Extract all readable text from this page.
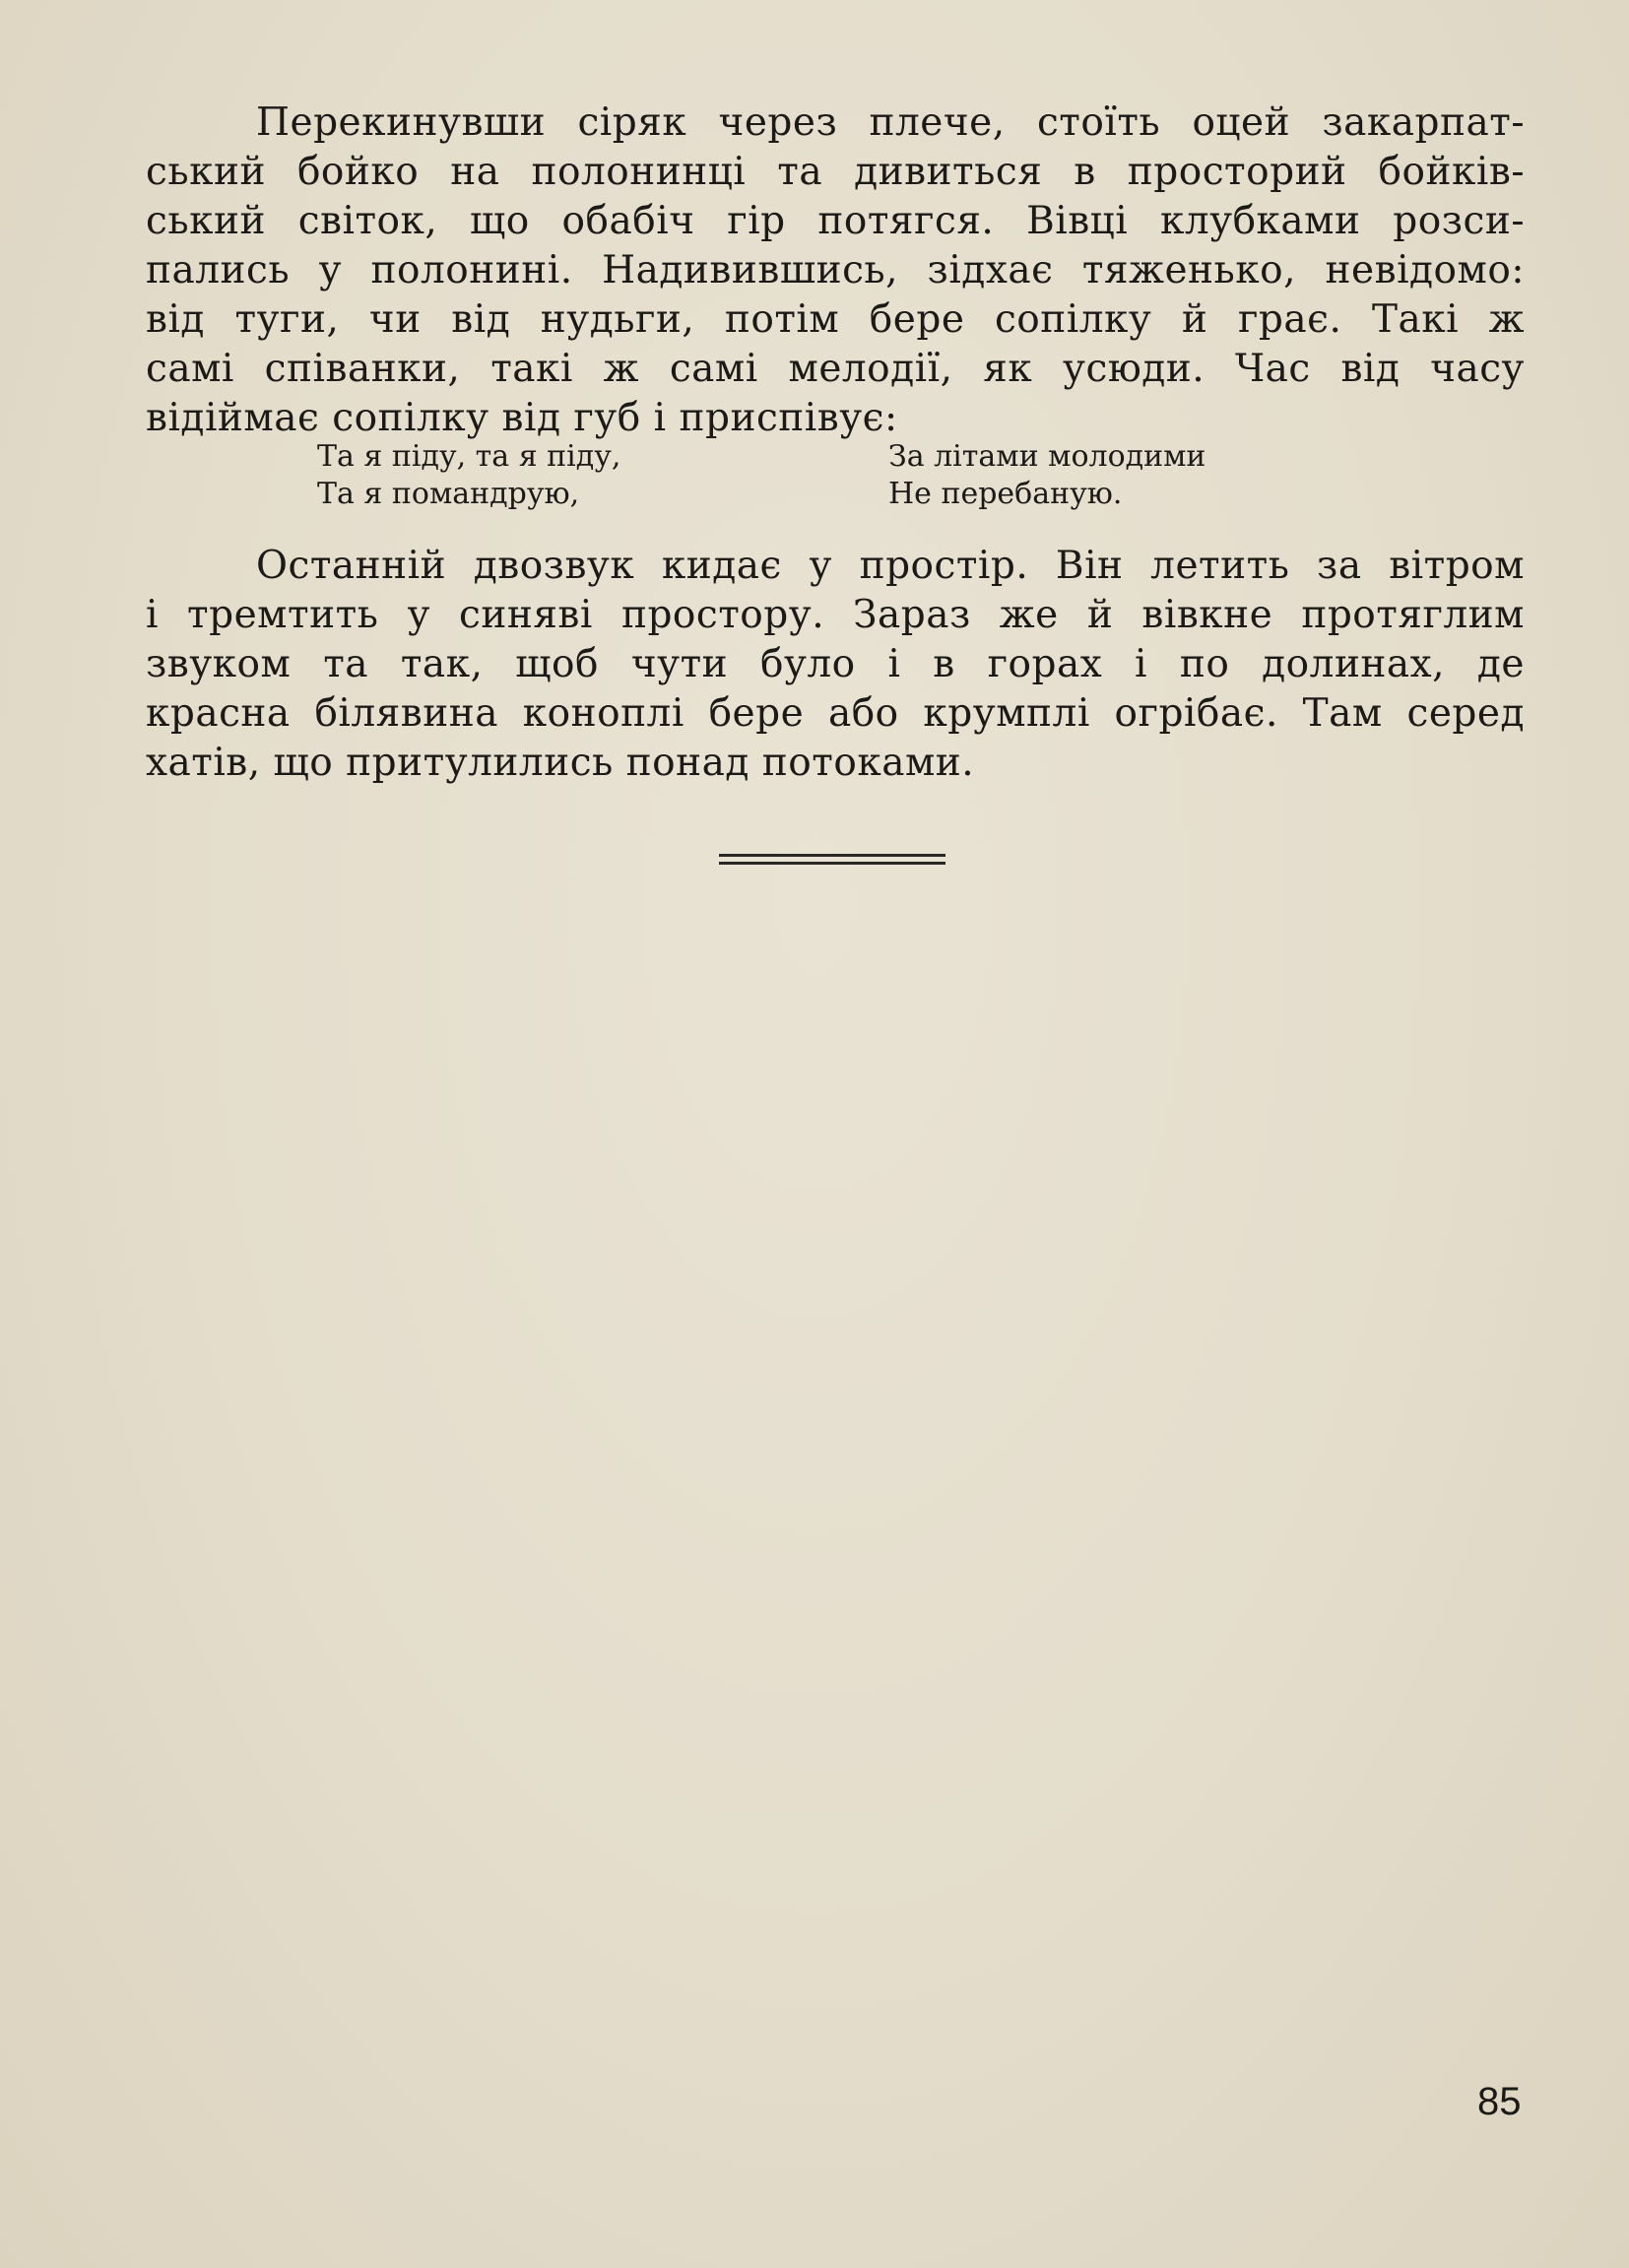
Перекинувши сіряк через плече, стоїть оцей закарпат-
ський бойко на полонинці та дивиться в просторий бойків-
ський світок, що обабіч гір потягся. Вівці клубками розси-
пались у полонині. Надивившись, зідхає тяженько, невідомо:
від туги, чи від нудьги, потім бере сопілку й грає. Такі ж
самі співанки, такі ж самі мелодії, як усюди. Час від часу
відіймає сопілку від губ і приспівує:
Та я піду, та я піду,
Та я помандрую,
За літами молодими
Не перебаную.
Останній двозвук кидає у простір. Він летить за вітром
і тремтить у синяві простору. Зараз же й вівкне протяглим
звуком та так, щоб чути було і в горах і по долинах, де
красна білявина коноплі бере або крумплі огрібає. Там серед
хатів, що притулились понад потоками.
85
